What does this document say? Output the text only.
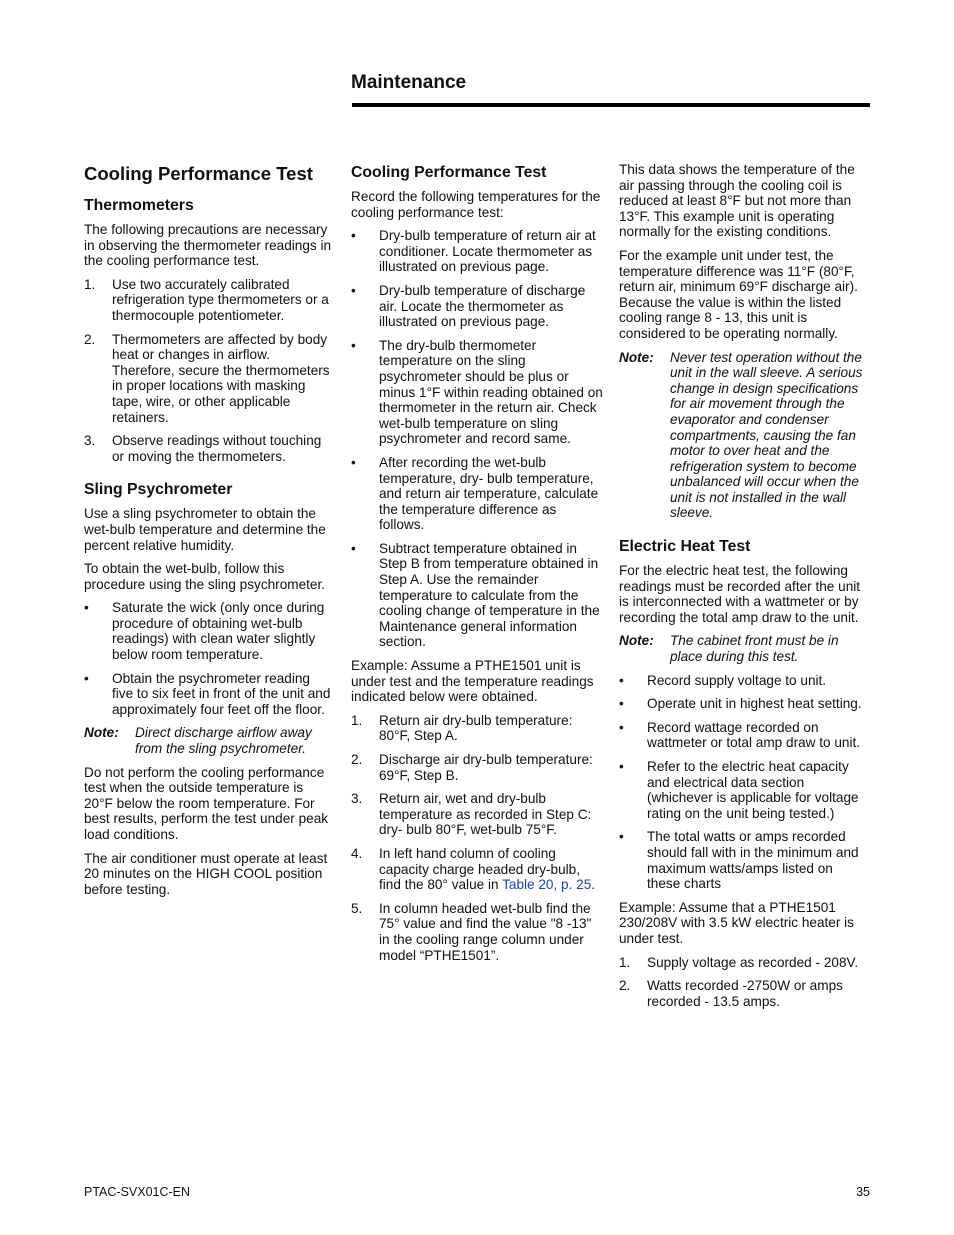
Maintenance
Cooling Performance Test
Thermometers

The following precautions are necessary in observing the thermometer readings in the cooling performance test.

1.	Use two accurately calibrated refrigeration type thermometers or a thermocouple potentiometer.
2.	Thermometers are affected by body heat or changes in airflow. Therefore, secure the thermometers in proper locations with masking tape, wire, or other applicable retainers.
3.	Observe readings without touching or moving the thermometers.
Sling Psychrometer

Use a sling psychrometer to obtain the wet-bulb temperature and determine the percent relative humidity.

To obtain the wet-bulb, follow this procedure using the sling psychrometer.

•	Saturate the wick (only once during procedure of obtaining wet-bulb readings) with clean water slightly below room temperature.
•	Obtain the psychrometer reading five to six feet in front of the unit and approximately four feet off the floor.
Note:	Direct discharge airflow away from the sling psychrometer.

Do not perform the cooling performance test when the outside temperature is 20°F below the room temperature. For best results, perform the test under peak load conditions.

The air conditioner must operate at least 20 minutes on the HIGH COOL position before testing.

Cooling Performance Test

Record the following temperatures for the cooling performance test:

•	Dry-bulb temperature of return air at conditioner. Locate thermometer as illustrated on previous page.
•	Dry-bulb temperature of discharge air. Locate the thermometer as illustrated on previous page.
•	The dry-bulb thermometer temperature on the sling psychrometer should be plus or minus 1°F within reading obtained on thermometer in the return air. Check wet-bulb temperature on sling psychrometer and record same.
•	After recording the wet-bulb temperature, dry- bulb temperature, and return air temperature, calculate the temperature difference as follows.
•	Subtract temperature obtained in Step B from temperature obtained in Step A. Use the remainder temperature to calculate from the cooling change of temperature in the Maintenance general information section.

Example: Assume a PTHE1501 unit is under test and the temperature readings indicated below were obtained.

1.	Return air dry-bulb temperature: 80°F, Step A.
2.	Discharge air dry-bulb temperature: 69°F, Step B.
3.	Return air, wet and dry-bulb temperature as recorded in Step C: dry- bulb 80°F, wet-bulb 75°F.
4.	In left hand column of cooling capacity charge headed dry-bulb, find the 80° value in Table 20, p. 25.
5.	In column headed wet-bulb find the 75° value and find the value "8 -13" in the cooling range column under model “PTHE1501”.

This data shows the temperature of the air passing through the cooling coil is reduced at least 8°F but not more than 13°F. This example unit is operating normally for the existing conditions.

For the example unit under test, the temperature difference was 11°F (80°F, return air, minimum 69°F discharge air). Because the value is within the listed cooling range 8 - 13, this unit is considered to be operating normally.

Note:	Never test operation without the unit in the wall sleeve. A serious change in design specifications for air movement through the evaporator and condenser compartments, causing the fan motor to over heat and the refrigeration system to become unbalanced will occur when the unit is not installed in the wall sleeve.
Electric Heat Test

For the electric heat test, the following readings must be recorded after the unit is interconnected with a wattmeter or by recording the total amp draw to the unit.

Note:	The cabinet front must be in place during this test.
•	Record supply voltage to unit.
•	Operate unit in highest heat setting.
•	Record wattage recorded on wattmeter or total amp draw to unit.
•	Refer to the electric heat capacity and electrical data section (whichever is applicable for voltage rating on the unit being tested.)
•	The total watts or amps recorded should fall with in the minimum and maximum watts/amps listed on these charts

Example: Assume that a PTHE1501 230/208V with 3.5 kW electric heater is under test.

1.	Supply voltage as recorded - 208V.
2.	Watts recorded -2750W or amps recorded - 13.5 amps.
PTAC-SVX01C-EN	35
